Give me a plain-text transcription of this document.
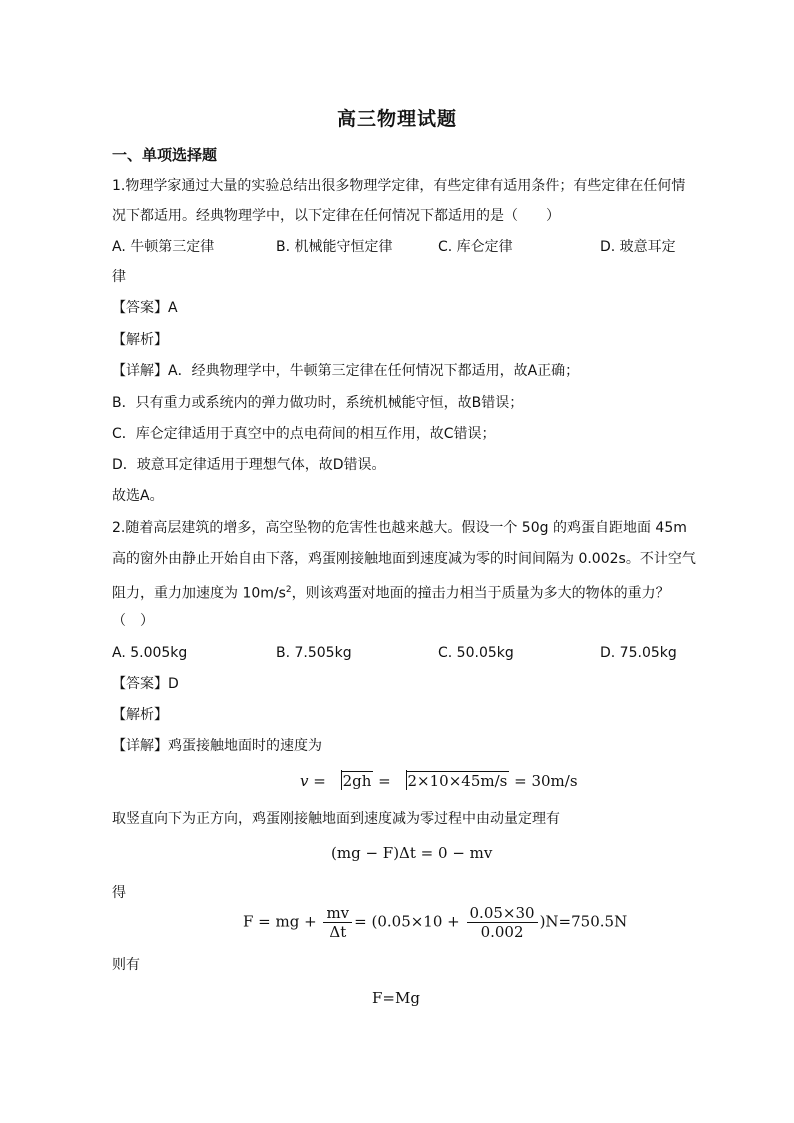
高三物理试题
一、单项选择题
1.物理学家通过大量的实验总结出很多物理学定律，有些定律有适用条件；有些定律在任何情
况下都适用。经典物理学中，以下定律在任何情况下都适用的是（　　）
A. 牛顿第三定律	B. 机械能守恒定律	C. 库仑定律	D. 玻意耳定
律
【答案】A
【解析】
【详解】A．经典物理学中，牛顿第三定律在任何情况下都适用，故A正确；
B．只有重力或系统内的弹力做功时，系统机械能守恒，故B错误；
C．库仑定律适用于真空中的点电荷间的相互作用，故C错误；
D．玻意耳定律适用于理想气体，故D错误。
故选A。
2.随着高层建筑的增多，高空坠物的危害性也越来越大。假设一个 50g 的鸡蛋自距地面 45m
高的窗外由静止开始自由下落，鸡蛋刚接触地面到速度减为零的时间间隔为 0.002s。不计空气
阻力，重力加速度为 $10m/s^2$，则该鸡蛋对地面的撞击力相当于质量为多大的物体的重力？
（　）
A. 5.005kg	B. 7.505kg	C. 50.05kg	D. 75.05kg
【答案】D
【解析】
【详解】鸡蛋接触地面时的速度为
v = 2gh = 2×10×45m/s = 30m/s
取竖直向下为正方向，鸡蛋刚接触地面到速度减为零过程中由动量定理有
(mg − F)Δt = 0 − mv
得
F = mg + $\frac{mv}{\Delta t} = (0.05\times 10 + \frac{0.05\times 30}{0.002} )N=750.5N$
则有
F=Mg
